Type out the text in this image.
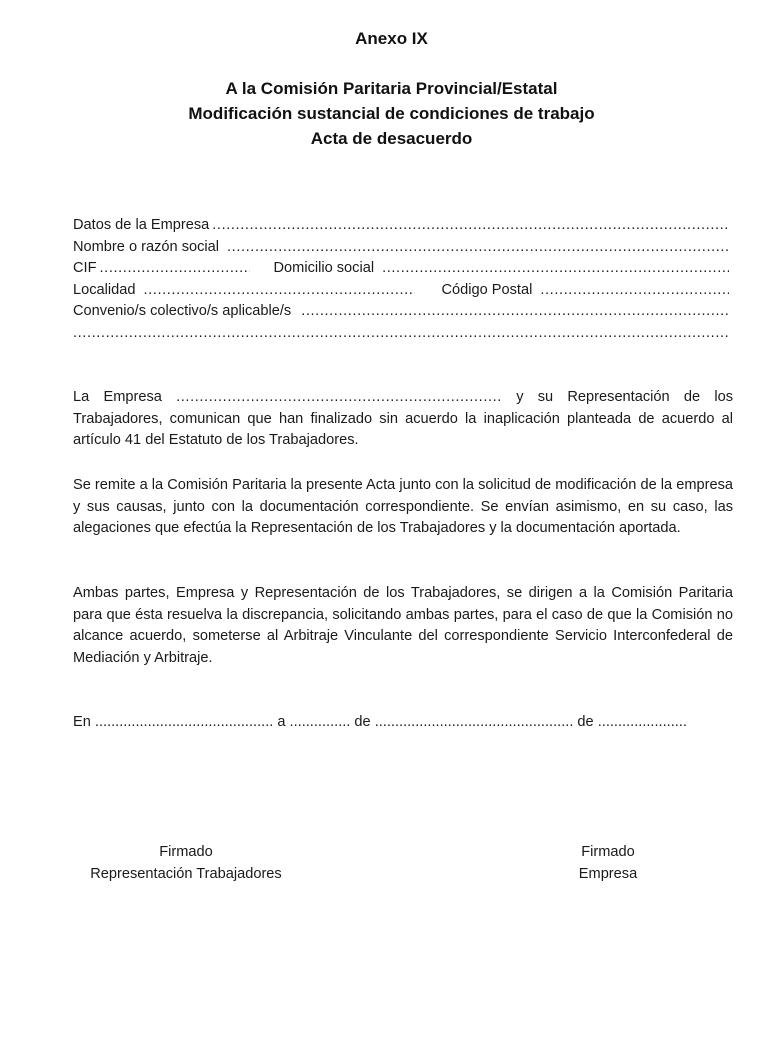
Anexo IX
A la Comisión Paritaria Provincial/Estatal
Modificación sustancial de condiciones de trabajo
Acta de desacuerdo
Datos de la Empresa
.....
Nombre o razón social
.....
CIF .....	Domicilio social
.....
Localidad .....	Código Postal
.....
Convenio/s colectivo/s aplicable/s
.....
.....
La Empresa ...................................................................... y su Representación de los Trabajadores, comunican que han finalizado sin acuerdo la inaplicación planteada de acuerdo al artículo 41 del Estatuto de los Trabajadores.
Se remite a la Comisión Paritaria la presente Acta junto con la solicitud de modificación de la empresa y sus causas, junto con la documentación correspondiente. Se envían asimismo, en su caso, las alegaciones que efectúa la Representación de los Trabajadores y la documentación aportada.
Ambas partes, Empresa y Representación de los Trabajadores, se dirigen a la Comisión Paritaria para que ésta resuelva la discrepancia, solicitando ambas partes, para el caso de que la Comisión no alcance acuerdo, someterse al Arbitraje Vinculante del correspondiente Servicio Interconfederal de Mediación y Arbitraje.
En ............................................ a ............... de ................................................. de ......................
Firmado
Representación Trabajadores
Firmado
Empresa
